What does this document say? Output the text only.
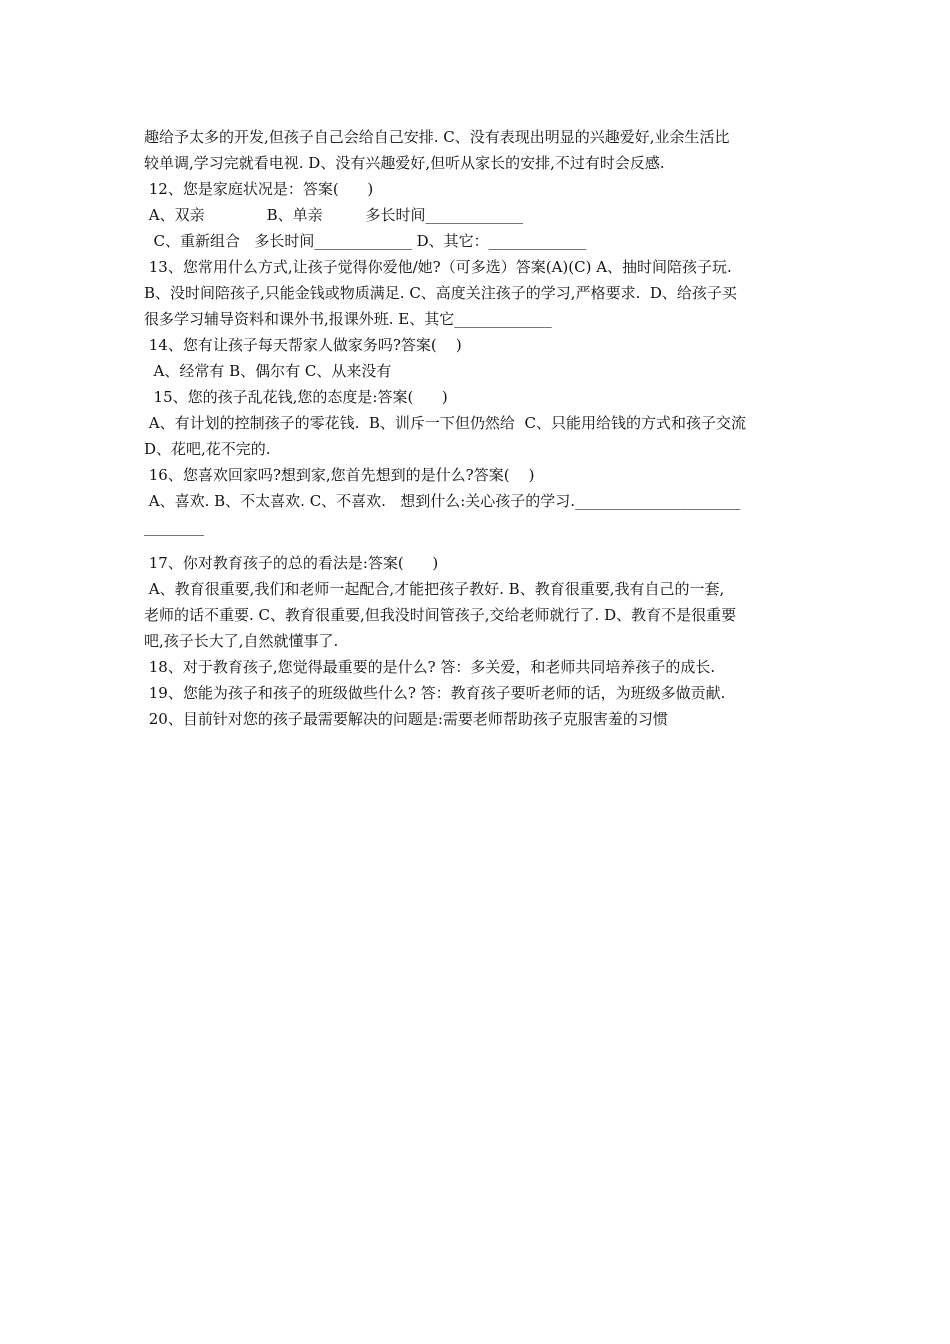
趣给予太多的开发,但孩子自己会给自己安排. C、没有表现出明显的兴趣爱好,业余生活比
较单调,学习完就看电视. D、没有兴趣爱好,但听从家长的安排,不过有时会反感.
12、您是家庭状况是：答案(      )
A、双亲             B、单亲         多长时间_____________
C、重新组合   多长时间_____________ D、其它：_____________
13、您常用什么方式,让孩子觉得你爱他/她?（可多选）答案(A)(C) A、抽时间陪孩子玩.
B、没时间陪孩子,只能金钱或物质满足. C、高度关注孩子的学习,严格要求.  D、给孩子买
很多学习辅导资料和课外书,报课外班. E、其它_____________
14、您有让孩子每天帮家人做家务吗?答案(    )
A、经常有 B、偶尔有 C、从来没有
15、您的孩子乱花钱,您的态度是:答案(      )
A、有计划的控制孩子的零花钱.  B、训斥一下但仍然给  C、只能用给钱的方式和孩子交流
D、花吧,花不完的.
16、您喜欢回家吗?想到家,您首先想到的是什么?答案(    )
A、喜欢. B、不太喜欢. C、不喜欢.   想到什么:关心孩子的学习.______________________
________
17、你对教育孩子的总的看法是:答案(      )
A、教育很重要,我们和老师一起配合,才能把孩子教好. B、教育很重要,我有自己的一套,
老师的话不重要. C、教育很重要,但我没时间管孩子,交给老师就行了. D、教育不是很重要
吧,孩子长大了,自然就懂事了.
18、对于教育孩子,您觉得最重要的是什么? 答：多关爱，和老师共同培养孩子的成长.
19、您能为孩子和孩子的班级做些什么? 答：教育孩子要听老师的话，为班级多做贡献.
20、目前针对您的孩子最需要解决的问题是:需要老师帮助孩子克服害羞的习惯
